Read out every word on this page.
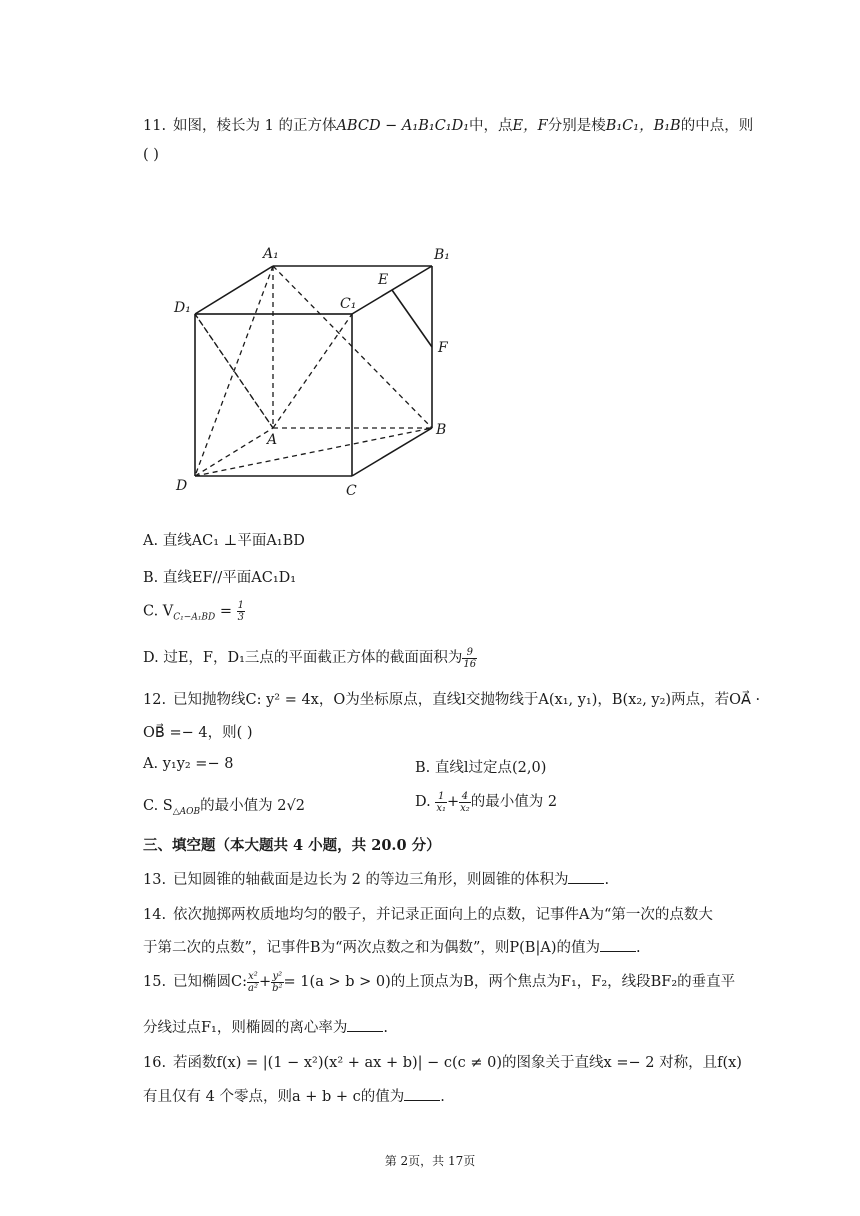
11. 如图，棱长为 1 的正方体ABCD − A₁B₁C₁D₁中，点E，F分别是棱B₁C₁，B₁B的中点，则
( )
A₁	B₁
C₁
D₁
E
F
A
B
C
D
A. 直线AC₁ ⊥平面A₁BD
B. 直线EF//平面AC₁D₁
C. $V_{C_1-A_1BD} = \frac{1}{3}$
D. 过E，F，D₁三点的平面截正方体的截面面积为 $\frac{9}{16}$
12. 已知抛物线C: y² = 4x，O为坐标原点，直线l交抛物线于A(x₁, y₁)，B(x₂, y₂)两点，若OA⃗ ·
OB⃗ =− 4，则( )
A. y₁y₂ =− 8	B. 直线l过定点(2,0)
C. $S_{\triangle AOB}$的最小值为 2√2	D. $\frac{1}{\text{x₁}} + \frac{4}{\text{x₂}}$ 的最小值为 2
三、填空题（本大题共 4 小题，共 20.0 分）
13. 已知圆锥的轴截面是边长为 2 的等边三角形，则圆锥的体积为 .
14. 依次抛掷两枚质地均匀的骰子，并记录正面向上的点数，记事件A为“第一次的点数大
于第二次的点数”，记事件B为“两次点数之和为偶数”，则P(B|A)的值为 .
15. 已知椭圆C: $\frac{\text{x²}}{\text{a²}} + \frac{\text{y²}}{\text{b²}} = 1(a > b > 0)$的上顶点为B，两个焦点为F₁，F₂，线段BF₂的垂直平
分线过点F₁，则椭圆的离心率为 .
16. 若函数f(x) = |(1 − x²)(x² + ax + b)| − c(c ≠ 0)的图象关于直线x =− 2 对称，且f(x)
有且仅有 4 个零点，则a + b + c的值为 .
第 2页，共 17页
